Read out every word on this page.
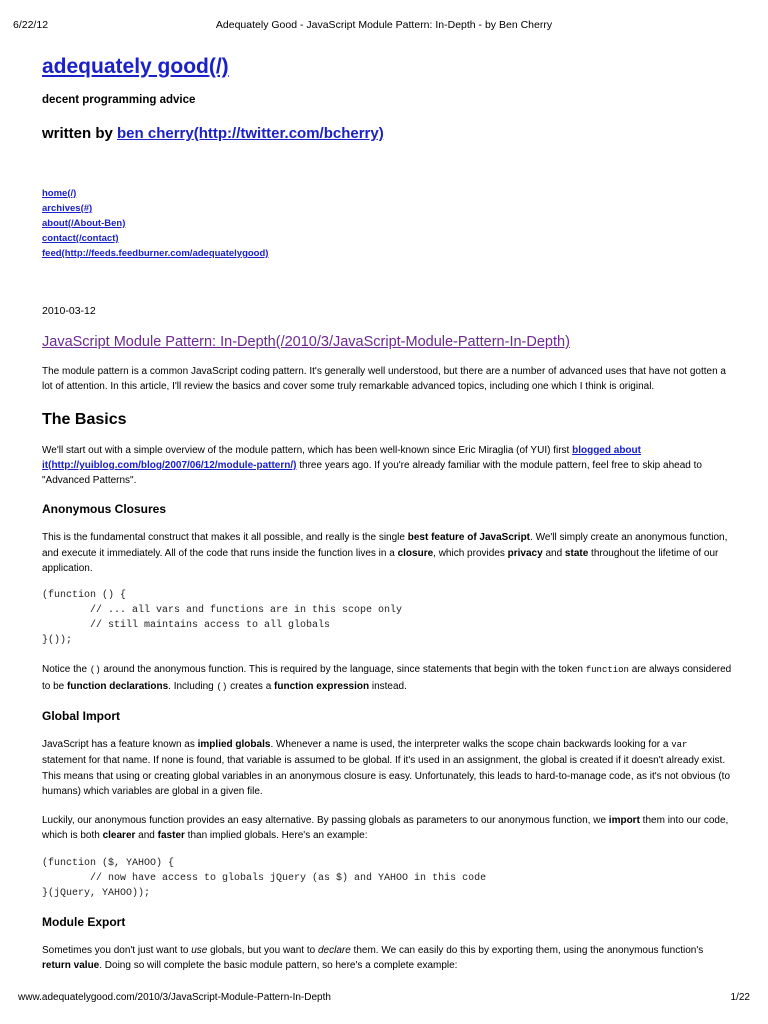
6/22/12	Adequately Good - JavaScript Module Pattern: In-Depth - by Ben Cherry
adequately good(/)
decent programming advice
written by ben cherry(http://twitter.com/bcherry)
home(/)
archives(#)
about(/About-Ben)
contact(/contact)
feed(http://feeds.feedburner.com/adequatelygood)
2010-03-12
JavaScript Module Pattern: In-Depth(/2010/3/JavaScript-Module-Pattern-In-Depth)

The module pattern is a common JavaScript coding pattern. It's generally well understood, but there are a number of advanced uses that have not gotten a lot of attention. In this article, I'll review the basics and cover some truly remarkable advanced topics, including one which I think is original.

The Basics

We'll start out with a simple overview of the module pattern, which has been well-known since Eric Miraglia (of YUI) first blogged about it(http://yuiblog.com/blog/2007/06/12/module-pattern/) three years ago. If you're already familiar with the module pattern, feel free to skip ahead to "Advanced Patterns".

Anonymous Closures

This is the fundamental construct that makes it all possible, and really is the single best feature of JavaScript. We'll simply create an anonymous function, and execute it immediately. All of the code that runs inside the function lives in a closure, which provides privacy and state throughout the lifetime of our application.

(function () {
// ... all vars and functions are in this scope only
// still maintains access to all globals
}());

Notice the () around the anonymous function. This is required by the language, since statements that begin with the token function are always considered to be function declarations. Including () creates a function expression instead.

Global Import

JavaScript has a feature known as implied globals. Whenever a name is used, the interpreter walks the scope chain backwards looking for a var statement for that name. If none is found, that variable is assumed to be global. If it's used in an assignment, the global is created if it doesn't already exist. This means that using or creating global variables in an anonymous closure is easy. Unfortunately, this leads to hard-to-manage code, as it's not obvious (to humans) which variables are global in a given file.

Luckily, our anonymous function provides an easy alternative. By passing globals as parameters to our anonymous function, we import them into our code, which is both clearer and faster than implied globals. Here's an example:

(function ($, YAHOO) {
// now have access to globals jQuery (as $) and YAHOO in this code
}(jQuery, YAHOO));
Module Export

Sometimes you don't just want to use globals, but you want to declare them. We can easily do this by exporting them, using the anonymous function's return value. Doing so will complete the basic module pattern, so here's a complete example:

www.adequatelygood.com/2010/3/JavaScript-Module-Pattern-In-Depth	1/22
